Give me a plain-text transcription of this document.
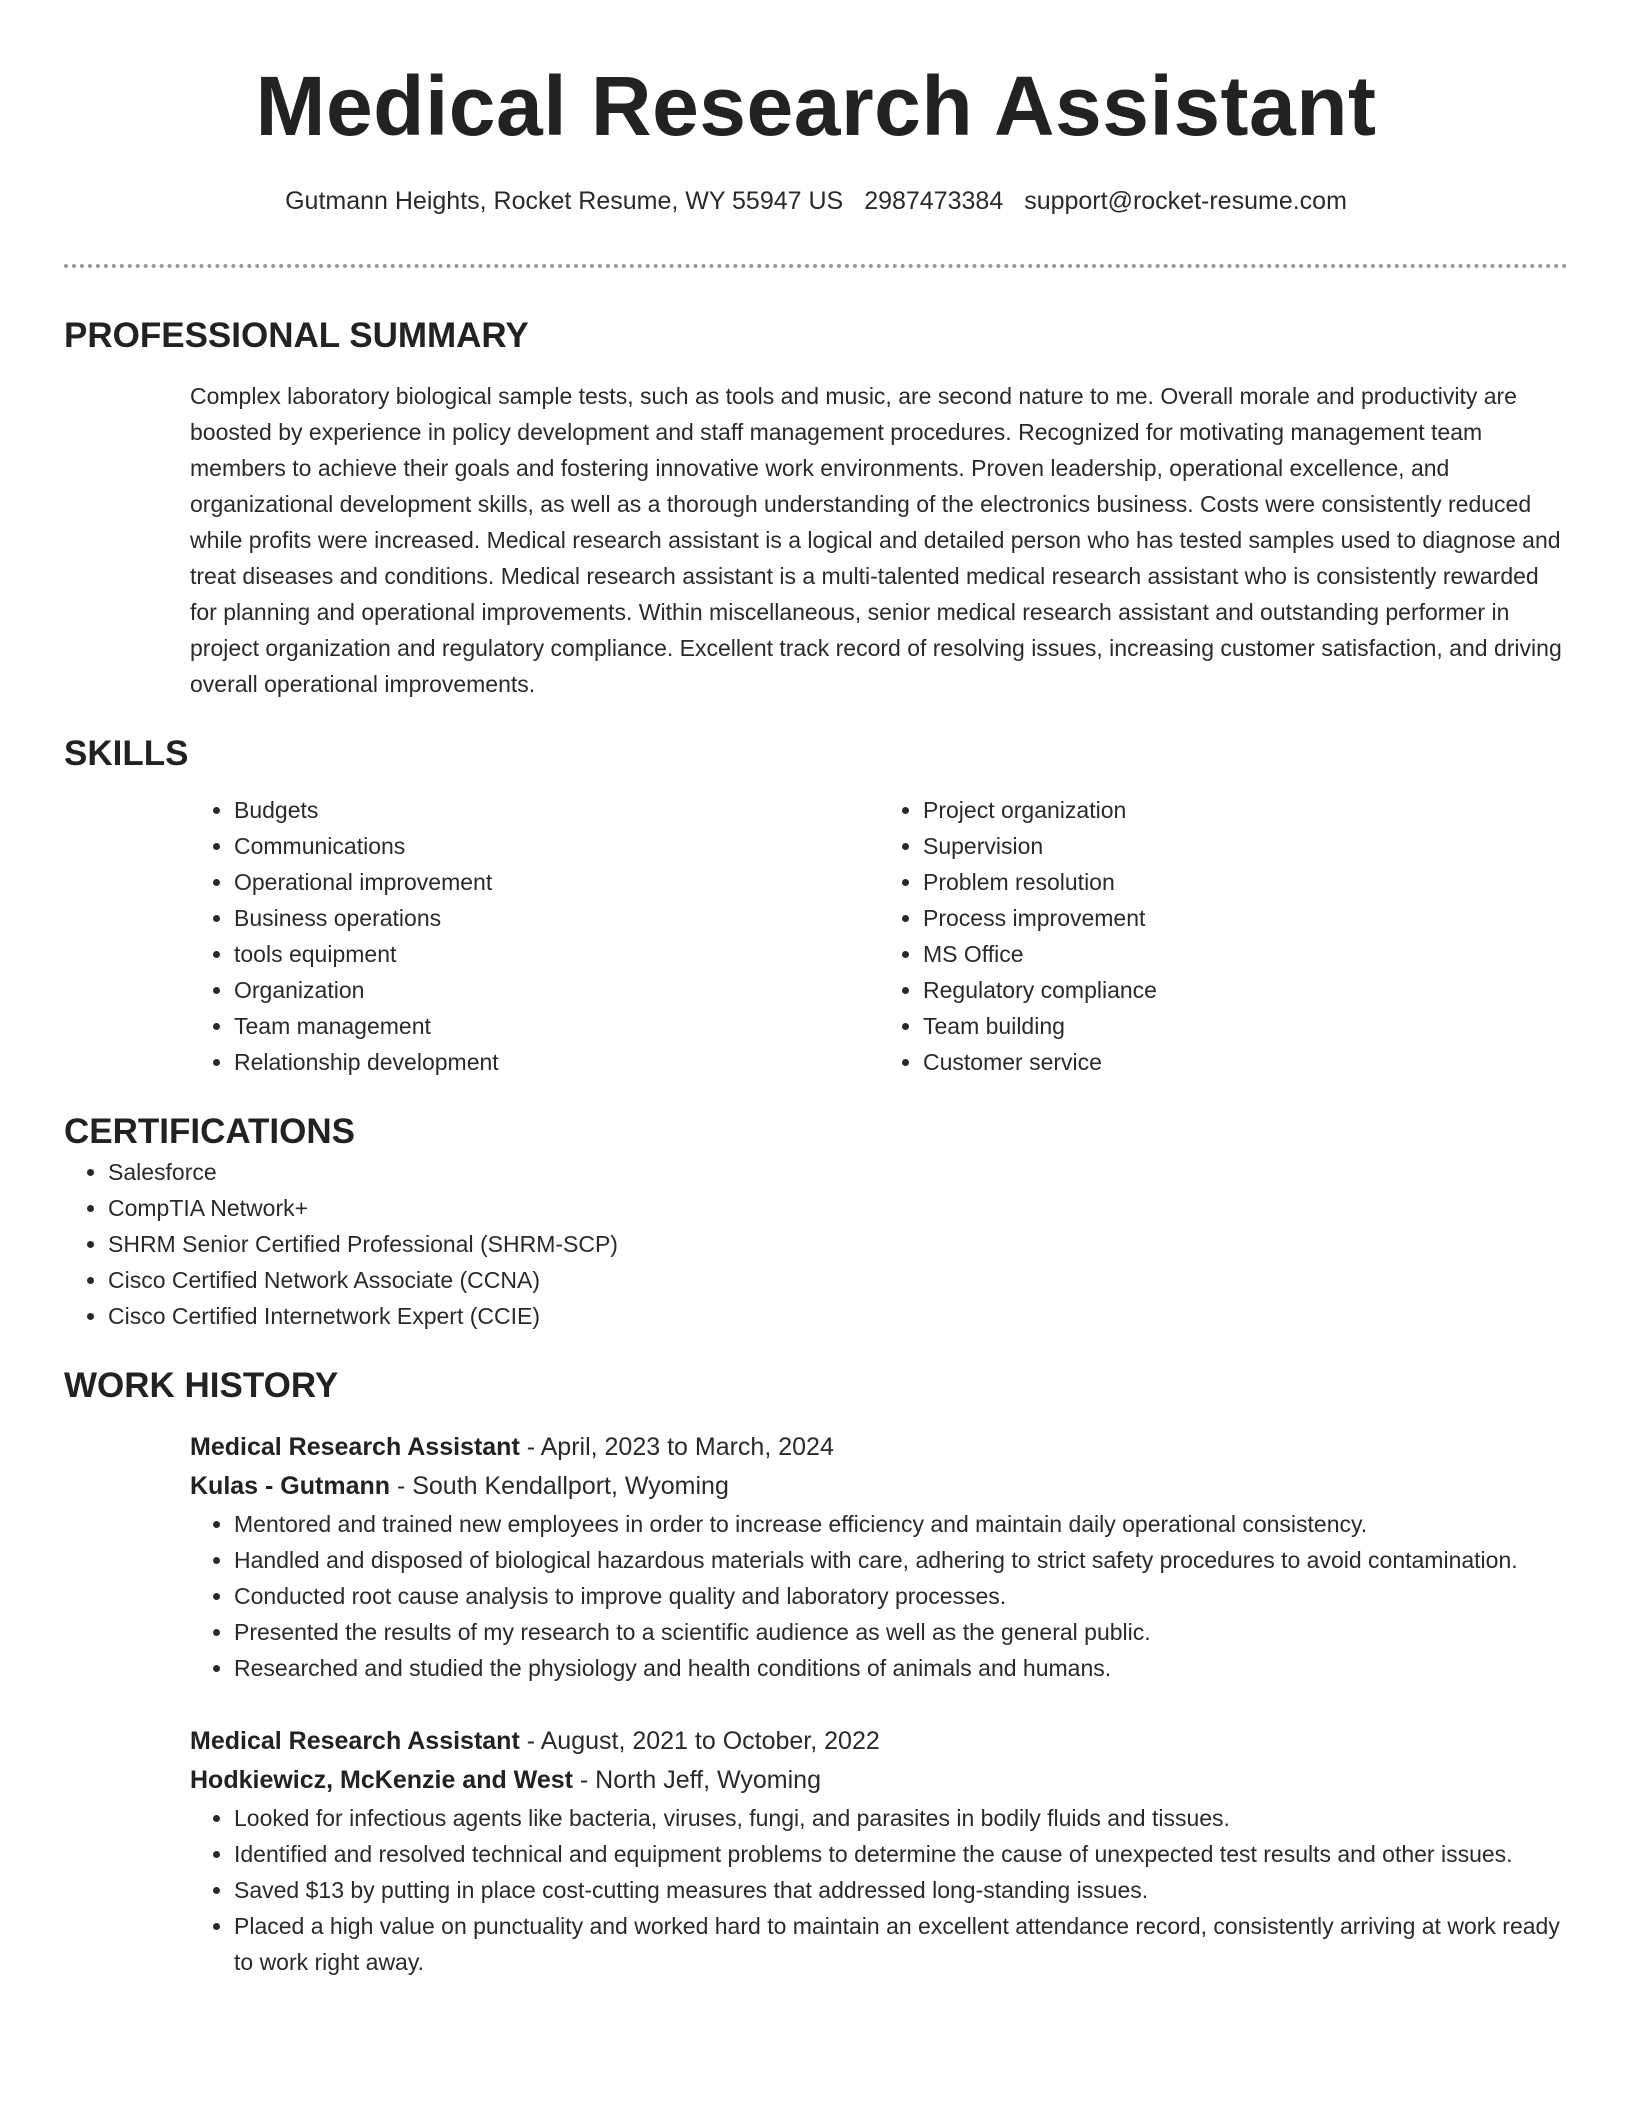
Medical Research Assistant
Gutmann Heights, Rocket Resume, WY 55947 US 2987473384 support@rocket-resume.com
PROFESSIONAL SUMMARY

Complex laboratory biological sample tests, such as tools and music, are second nature to me. Overall morale and productivity are boosted by experience in policy development and staff management procedures. Recognized for motivating management team members to achieve their goals and fostering innovative work environments. Proven leadership, operational excellence, and organizational development skills, as well as a thorough understanding of the electronics business. Costs were consistently reduced while profits were increased. Medical research assistant is a logical and detailed person who has tested samples used to diagnose and treat diseases and conditions. Medical research assistant is a multi-talented medical research assistant who is consistently rewarded for planning and operational improvements. Within miscellaneous, senior medical research assistant and outstanding performer in project organization and regulatory compliance. Excellent track record of resolving issues, increasing customer satisfaction, and driving overall operational improvements.

SKILLS
• Budgets
• Communications
• Operational improvement
• Business operations
• tools equipment
• Organization
• Team management
• Relationship development
• Project organization
• Supervision
• Problem resolution
• Process improvement
• MS Office
• Regulatory compliance
• Team building
• Customer service
CERTIFICATIONS
• Salesforce
• CompTIA Network+
• SHRM Senior Certified Professional (SHRM-SCP)
• Cisco Certified Network Associate (CCNA)
• Cisco Certified Internetwork Expert (CCIE)
WORK HISTORY
Medical Research Assistant - April, 2023 to March, 2024
Kulas - Gutmann - South Kendallport, Wyoming
• Mentored and trained new employees in order to increase efficiency and maintain daily operational consistency.
• Handled and disposed of biological hazardous materials with care, adhering to strict safety procedures to avoid contamination.
• Conducted root cause analysis to improve quality and laboratory processes.
• Presented the results of my research to a scientific audience as well as the general public.
• Researched and studied the physiology and health conditions of animals and humans.
Medical Research Assistant - August, 2021 to October, 2022
Hodkiewicz, McKenzie and West - North Jeff, Wyoming
• Looked for infectious agents like bacteria, viruses, fungi, and parasites in bodily fluids and tissues.
• Identified and resolved technical and equipment problems to determine the cause of unexpected test results and other issues.
• Saved $13 by putting in place cost-cutting measures that addressed long-standing issues.
• Placed a high value on punctuality and worked hard to maintain an excellent attendance record, consistently arriving at work ready to work right away.
